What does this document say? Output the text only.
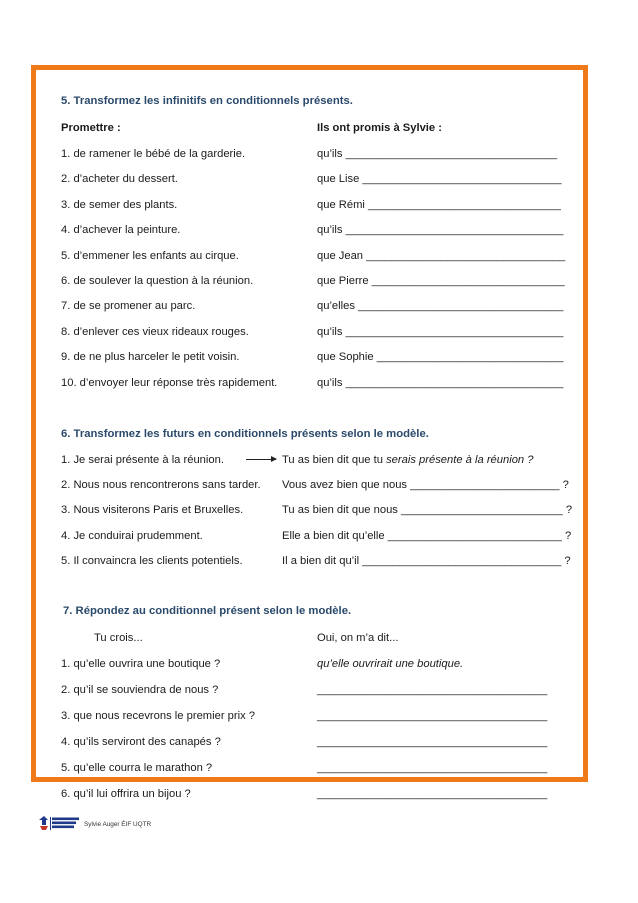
5. Transformez les infinitifs en conditionnels présents.
Promettre :	Ils ont promis à Sylvie :
1. de ramener le bébé de la garderie.	qu’ils __________________________________
2. d’acheter du dessert.	que Lise ________________________________
3. de semer des plants.	que Rémi _______________________________
4. d’achever la peinture.	qu’ils ___________________________________
5. d’emmener les enfants au cirque.	que Jean ________________________________
6. de soulever la question à la réunion.	que Pierre _______________________________
7. de se promener au parc.	qu’elles _________________________________
8. d’enlever ces vieux rideaux rouges.	qu’ils ___________________________________
9. de ne plus harceler le petit voisin.	que Sophie ______________________________
10. d’envoyer leur réponse très rapidement.	qu’ils ___________________________________
6. Transformez les futurs en conditionnels présents selon le modèle.
1. Je serai présente à la réunion.	Tu as bien dit que tu serais présente à la réunion ?
2. Nous nous rencontrerons sans tarder. Vous avez bien que nous ________________________ ?
3. Nous visiterons Paris et Bruxelles.	Tu as bien dit que nous __________________________ ?
4. Je conduirai prudemment.	Elle a bien dit qu’elle ____________________________ ?
5. Il convaincra les clients potentiels.	Il a bien dit qu’il ________________________________ ?
7. Répondez au conditionnel présent selon le modèle.
Tu crois...	Oui, on m’a dit...
1. qu’elle ouvrira une boutique ?	qu’elle ouvrirait une boutique.
2. qu’il se souviendra de nous ?	_____________________________________
3. que nous recevrons le premier prix ?	_____________________________________
4. qu’ils serviront des canapés ?	_____________________________________
5. qu’elle courra le marathon ?	_____________________________________
6. qu’il lui offrira un bijou ?	_____________________________________
Sylvie Auger ÉIF UQTR
